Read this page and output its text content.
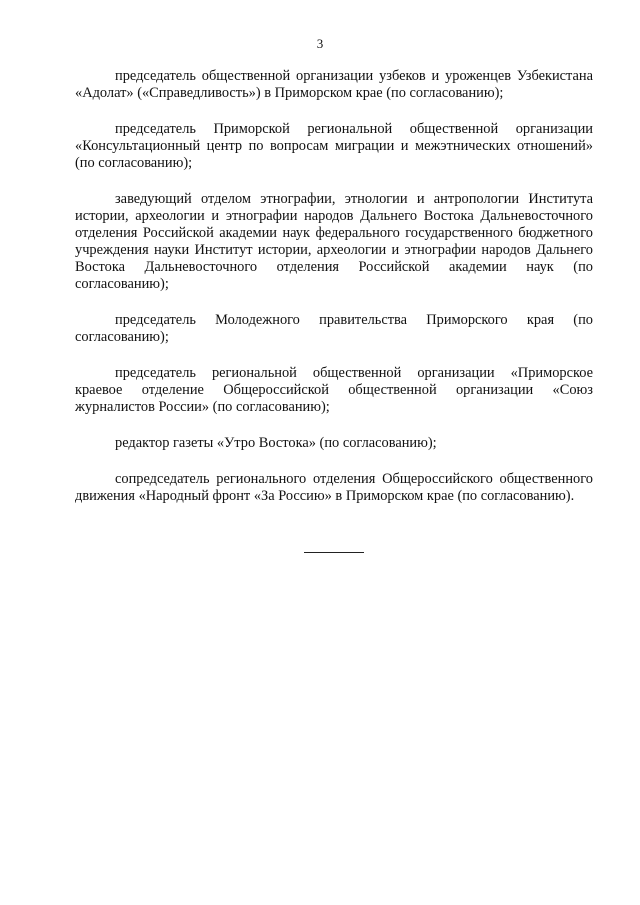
3

председатель общественной организации узбеков и уроженцев Узбекистана «Адолат» («Справедливость») в Приморском крае (по согласованию);

председатель Приморской региональной общественной организации «Консультационный центр по вопросам миграции и межэтнических отношений» (по согласованию);

заведующий отделом этнографии, этнологии и антропологии Института истории, археологии и этнографии народов Дальнего Востока Дальневосточного отделения Российской академии наук федерального государственного бюджетного учреждения науки Институт истории, археологии и этнографии народов Дальнего Востока Дальневосточного отделения Российской академии наук (по согласованию);

председатель Молодежного правительства Приморского края (по согласованию);

председатель региональной общественной организации «Приморское краевое отделение Общероссийской общественной организации «Союз журналистов России» (по согласованию);

редактор газеты «Утро Востока» (по согласованию);

сопредседатель регионального отделения Общероссийского общественного движения «Народный фронт «За Россию» в Приморском крае (по согласованию).
